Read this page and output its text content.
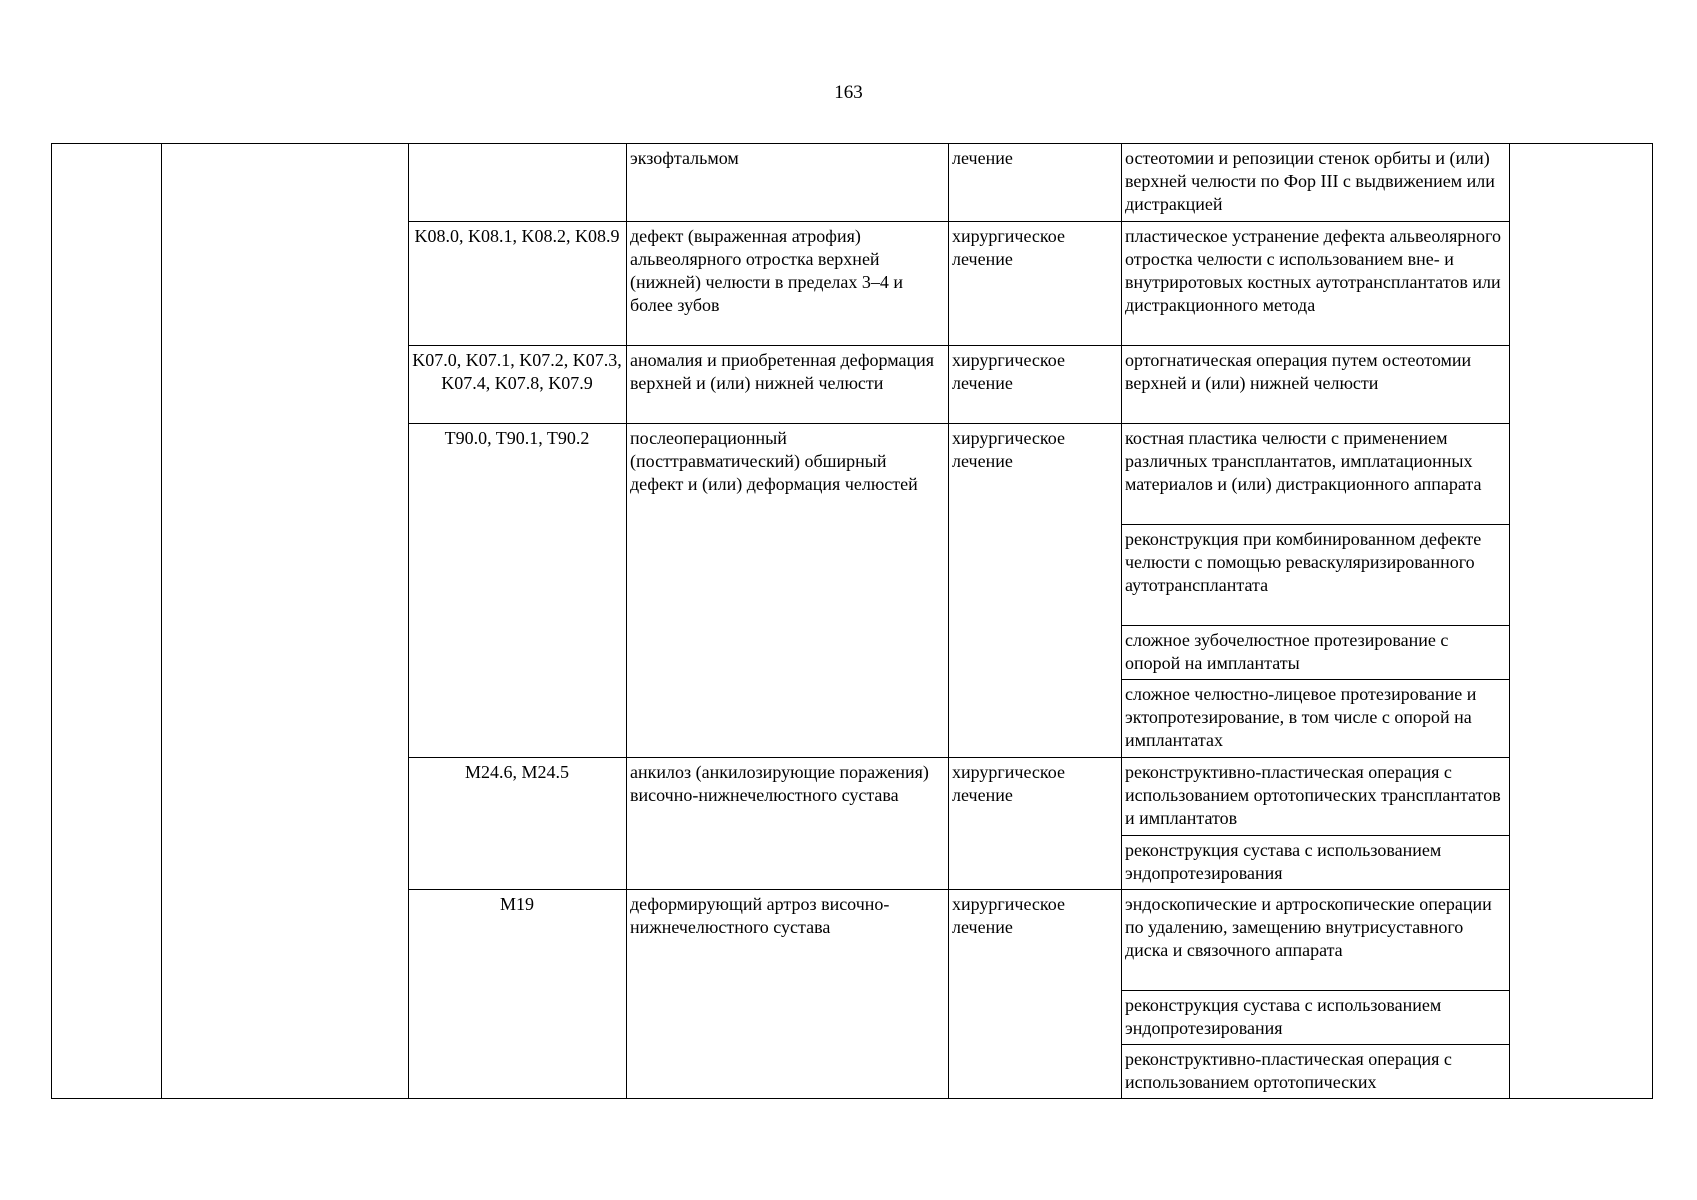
163
			экзофтальмом	лечение	остеотомии и репозиции стенок орбиты и (или) верхней челюсти по Фор III с выдвижением или дистракцией	
		K08.0, K08.1, K08.2, K08.9	дефект (выраженная атрофия) альвеолярного отростка верхней (нижней) челюсти в пределах 3–4 и более зубов	хирургическое лечение	пластическое устранение дефекта альвеолярного отростка челюсти с использованием вне- и внутриротовых костных аутотрансплантатов или дистракционного метода	
		K07.0, K07.1, K07.2, K07.3, K07.4, K07.8, K07.9	аномалия и приобретенная деформация верхней и (или) нижней челюсти	хирургическое лечение	ортогнатическая операция путем остеотомии верхней и (или) нижней челюсти	
		T90.0, T90.1, T90.2	послеоперационный (посттравматический) обширный дефект и (или) деформация челюстей	хирургическое лечение	костная пластика челюсти с применением различных трансплантатов, имплатационных материалов и (или) дистракционного аппарата	
					реконструкция при комбинированном дефекте челюсти с помощью реваскуляризированного аутотрансплантата	
					сложное зубочелюстное протезирование с опорой на имплантаты	
					сложное челюстно-лицевое протезирование и эктопротезирование, в том числе с опорой на имплантатах	
		M24.6, M24.5	анкилоз (анкилозирующие поражения) височно-нижнечелюстного сустава	хирургическое лечение	реконструктивно-пластическая операция с использованием ортотопических трансплантатов и имплантатов	
					реконструкция сустава с использованием эндопротезирования	
		M19	деформирующий артроз височно-нижнечелюстного сустава	хирургическое лечение	эндоскопические и артроскопические операции по удалению, замещению внутрисуставного диска и связочного аппарата	
					реконструкция сустава с использованием эндопротезирования	
					реконструктивно-пластическая операция с использованием ортотопических	
